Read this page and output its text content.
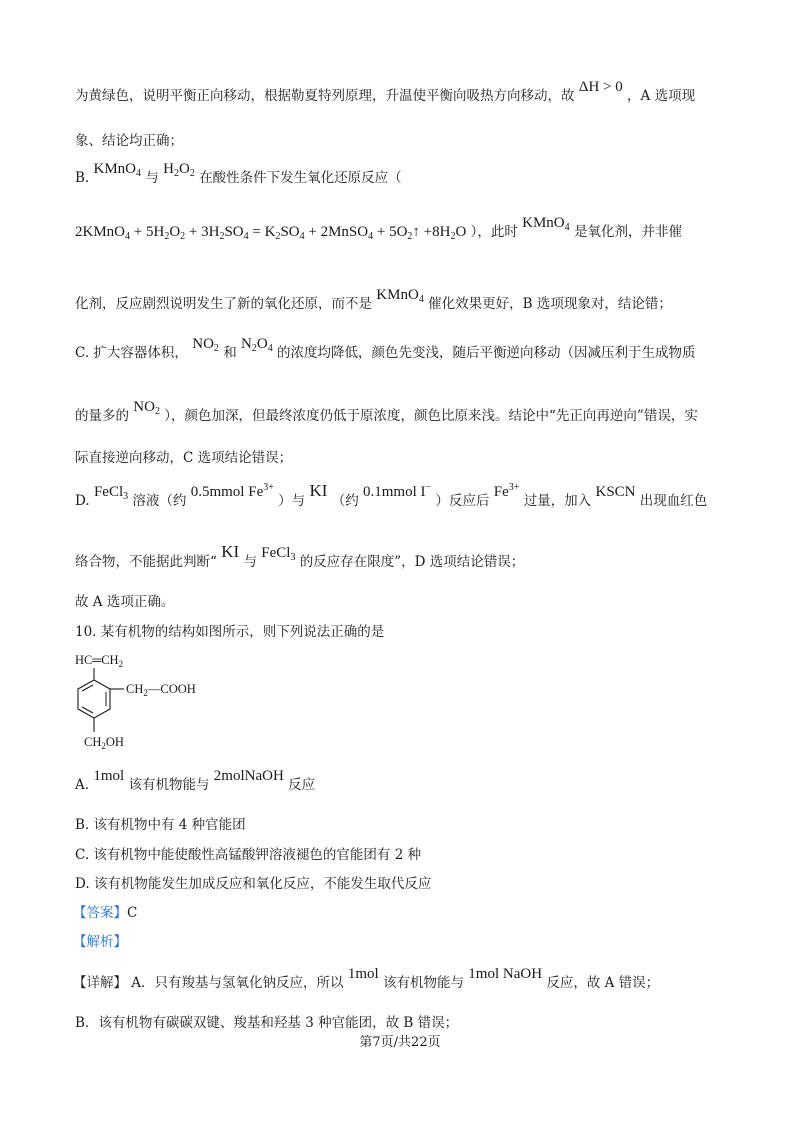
为黄绿色，说明平衡正向移动，根据勒夏特列原理，升温使平衡向吸热方向移动，故 ΔH > 0 ，A 选项现
象、结论均正确；
B. KMnO$_4$ 与 $H_2O_2$ 在酸性条件下发生氧化还原反应（
2KMnO$_4$ + $5H_2O_2 + 3H_2SO_4 = K_2SO_4$ + 2MnSO$_4$ + $5O_2↑ +8H_2O$ ），此时 KMnO$_4$ 是氧化剂，并非催
化剂，反应剧烈说明发生了新的氧化还原，而不是 KMnO$_4$ 催化效果更好，B 选项现象对，结论错；
C. 扩大容器体积， $NO_2$ 和 $N_2O_4$ 的浓度均降低，颜色先变浅，随后平衡逆向移动（因减压利于生成物质
的量多的 $NO_2$ ），颜色加深，但最终浓度仍低于原浓度，颜色比原来浅。结论中“先正向再逆向”错误，实
际直接逆向移动，C 选项结论错误；
D. FeCl$_3$ 溶液（约 0.5mmol $Fe^{3+}$ ）与 KI （约 0.1mmol I− ）反应后 $Fe^{3+}$ 过量，加入 KSCN 出现血红色
络合物，不能据此判断“ KI 与 FeCl$_3$ 的反应存在限度”，D 选项结论错误；
故 A 选项正确。
10. 某有机物的结构如图所示，则下列说法正确的是
$HC═CH_2$
$CH_2—COOH$
$CH_2OH$
A. 1mol 该有机物能与 2molNaOH 反应
B. 该有机物中有 4 种官能团
C. 该有机物中能使酸性高锰酸钾溶液褪色的官能团有 2 种
D. 该有机物能发生加成反应和氧化反应，不能发生取代反应
【答案】C
【解析】
【详解】 A．只有羧基与氢氧化钠反应，所以 1mol 该有机物能与 1mol NaOH 反应，故 A 错误；
B．该有机物有碳碳双键、羧基和羟基 3 种官能团，故 B 错误；
第7页/共22页
